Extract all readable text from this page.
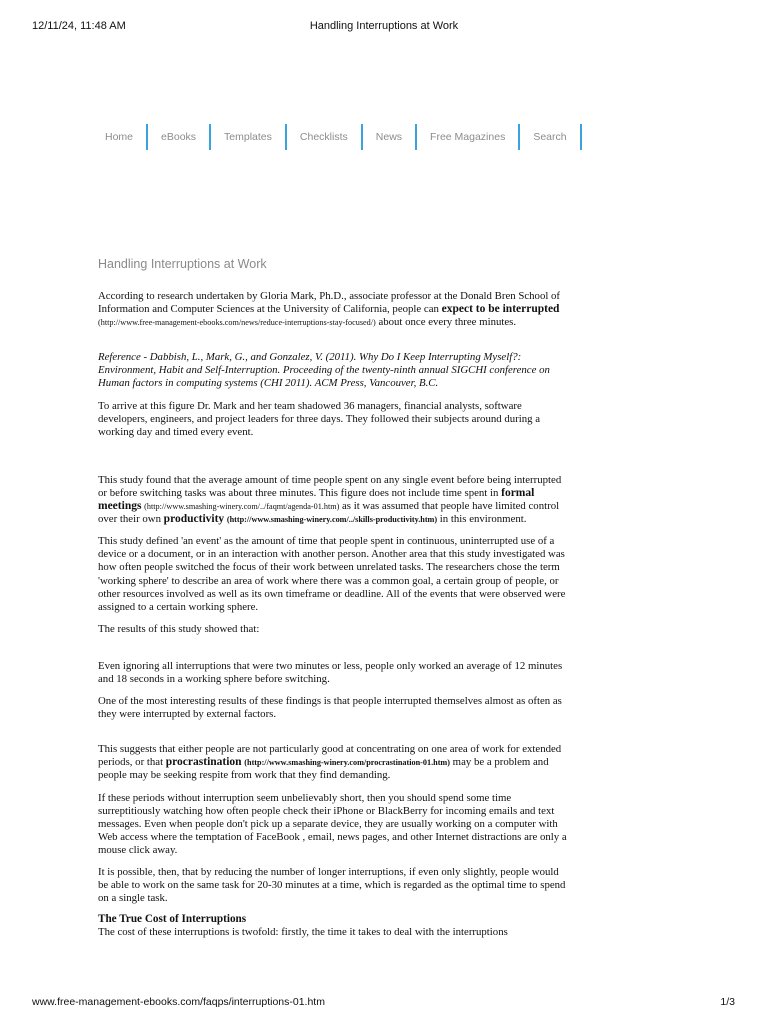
12/11/24, 11:48 AM	Handling Interruptions at Work
Home	eBooks	Templates	Checklists	News	Free Magazines	Search
Handling Interruptions at Work

According to research undertaken by Gloria Mark, Ph.D., associate professor at the Donald Bren School of Information and Computer Sciences at the University of California, people can expect to be interrupted (http://www.free-management-ebooks.com/news/reduce-interruptions-stay-focused/) about once every three minutes.

Reference - Dabbish, L., Mark, G., and Gonzalez, V. (2011). Why Do I Keep Interrupting Myself?: Environment, Habit and Self-Interruption. Proceeding of the twenty-ninth annual SIGCHI conference on Human factors in computing systems (CHI 2011). ACM Press, Vancouver, B.C.

To arrive at this figure Dr. Mark and her team shadowed 36 managers, financial analysts, software developers, engineers, and project leaders for three days. They followed their subjects around during a working day and timed every event.

This study found that the average amount of time people spent on any single event before being interrupted or before switching tasks was about three minutes. This figure does not include time spent in formal meetings (http://www.smashing-winery.com/../faqmt/agenda-01.htm) as it was assumed that people have limited control over their own productivity (http://www.smashing-winery.com/../skills-productivity.htm) in this environment.

This study defined 'an event' as the amount of time that people spent in continuous, uninterrupted use of a device or a document, or in an interaction with another person. Another area that this study investigated was how often people switched the focus of their work between unrelated tasks. The researchers chose the term 'working sphere' to describe an area of work where there was a common goal, a certain group of people, or other resources involved as well as its own timeframe or deadline. All of the events that were observed were assigned to a certain working sphere.

The results of this study showed that:

Even ignoring all interruptions that were two minutes or less, people only worked an average of 12 minutes and 18 seconds in a working sphere before switching.

One of the most interesting results of these findings is that people interrupted themselves almost as often as they were interrupted by external factors.

This suggests that either people are not particularly good at concentrating on one area of work for extended periods, or that procrastination (http://www.smashing-winery.com/procrastination-01.htm) may be a problem and people may be seeking respite from work that they find demanding.

If these periods without interruption seem unbelievably short, then you should spend some time surreptitiously watching how often people check their iPhone or BlackBerry for incoming emails and text messages. Even when people don't pick up a separate device, they are usually working on a computer with Web access where the temptation of FaceBook , email, news pages, and other Internet distractions are only a mouse click away.

It is possible, then, that by reducing the number of longer interruptions, if even only slightly, people would be able to work on the same task for 20-30 minutes at a time, which is regarded as the optimal time to spend on a single task.

The True Cost of Interruptions

The cost of these interruptions is twofold: firstly, the time it takes to deal with the interruptions

www.free-management-ebooks.com/faqps/interruptions-01.htm	1/3
